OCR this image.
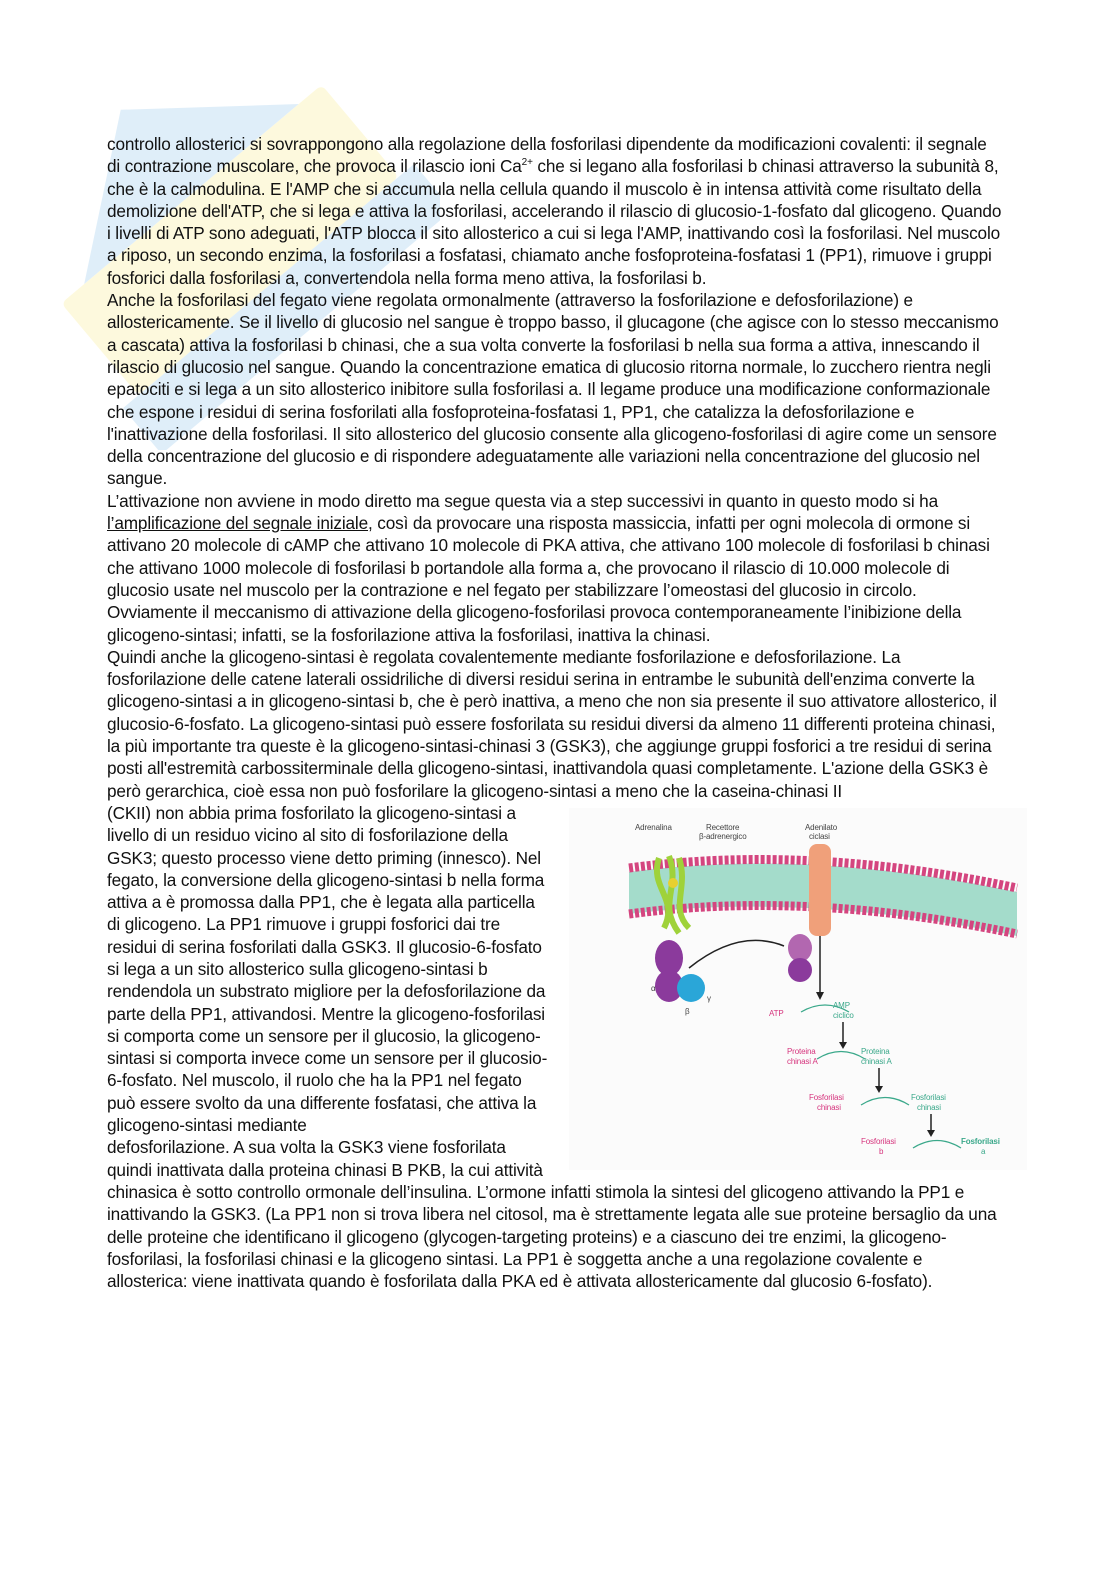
controllo allosterici si sovrappongono alla regolazione della fosforilasi dipendente da modificazioni covalenti: il segnale di contrazione muscolare, che provoca il rilascio ioni $Ca^{2+}$ che si legano alla fosforilasi b chinasi attraverso la subunità 8, che è la calmodulina. E l'AMP che si accumula nella cellula quando il muscolo è in intensa attività come risultato della demolizione dell'ATP, che si lega e attiva la fosforilasi, accelerando il rilascio di glucosio-1-fosfato dal glicogeno. Quando i livelli di ATP sono adeguati, l'ATP blocca il sito allosterico a cui si lega l'AMP, inattivando così la fosforilasi. Nel muscolo a riposo, un secondo enzima, la fosforilasi a fosfatasi, chiamato anche fosfoproteina-fosfatasi 1 (PP1), rimuove i gruppi fosforici dalla fosforilasi a, convertendola nella forma meno attiva, la fosforilasi b.

Anche la fosforilasi del fegato viene regolata ormonalmente (attraverso la fosforilazione e defosforilazione) e allostericamente. Se il livello di glucosio nel sangue è troppo basso, il glucagone (che agisce con lo stesso meccanismo a cascata) attiva la fosforilasi b chinasi, che a sua volta converte la fosforilasi b nella sua forma a attiva, innescando il rilascio di glucosio nel sangue. Quando la concentrazione ematica di glucosio ritorna normale, lo zucchero rientra negli epatociti e si lega a un sito allosterico inibitore sulla fosforilasi a. Il legame produce una modificazione conformazionale che espone i residui di serina fosforilati alla fosfoproteina-fosfatasi 1, PP1, che catalizza la defosforilazione e l'inattivazione della fosforilasi. Il sito allosterico del glucosio consente alla glicogeno-fosforilasi di agire come un sensore della concentrazione del glucosio e di rispondere adeguatamente alle variazioni nella concentrazione del glucosio nel sangue.

L’attivazione non avviene in modo diretto ma segue questa via a step successivi in quanto in questo modo si ha l’amplificazione del segnale iniziale, così da provocare una risposta massiccia, infatti per ogni molecola di ormone si attivano 20 molecole di cAMP che attivano 10 molecole di PKA attiva, che attivano 100 molecole di fosforilasi b chinasi che attivano 1000 molecole di fosforilasi b portandole alla forma a, che provocano il rilascio di 10.000 molecole di glucosio usate nel muscolo per la contrazione e nel fegato per stabilizzare l’omeostasi del glucosio in circolo.

Ovviamente il meccanismo di attivazione della glicogeno-fosforilasi provoca contemporaneamente l’inibizione della glicogeno-sintasi; infatti, se la fosforilazione attiva la fosforilasi, inattiva la chinasi.

Quindi anche la glicogeno-sintasi è regolata covalentemente mediante fosforilazione e defosforilazione. La fosforilazione delle catene laterali ossidriliche di diversi residui serina in entrambe le subunità dell'enzima converte la glicogeno-sintasi a in glicogeno-sintasi b, che è però inattiva, a meno che non sia presente il suo attivatore allosterico, il glucosio-6-fosfato. La glicogeno-sintasi può essere fosforilata su residui diversi da almeno 11 differenti proteina chinasi, la più importante tra queste è la glicogeno-sintasi-chinasi 3 (GSK3), che aggiunge gruppi fosforici a tre residui di serina posti all'estremità carbossiterminale della glicogeno-sintasi, inattivandola quasi completamente. L'azione della GSK3 è però gerarchica, cioè essa non può fosforilare la glicogeno-sintasi a meno che la caseina-chinasi II

Adrenalina	Recettore
β-adrenergico
Adenilato
ciclasi
α
β
γ
ATP
AMP
ciclico
Proteina
chinasi A
Proteina
chinasi A
Fosforilasi
chinasi
Fosforilasi
chinasi
Fosforilasi
b
Fosforilasi
a

(CKII) non abbia prima fosforilato la glicogeno-sintasi a livello di un residuo vicino al sito di fosforilazione della GSK3; questo processo viene detto priming (innesco). Nel fegato, la conversione della glicogeno-sintasi b nella forma attiva a è promossa dalla PP1, che è legata alla particella di glicogeno. La PP1 rimuove i gruppi fosforici dai tre residui di serina fosforilati dalla GSK3. Il glucosio-6-fosfato si lega a un sito allosterico sulla glicogeno-sintasi b rendendola un substrato migliore per la defosforilazione da parte della PP1, attivandosi. Mentre la glicogeno-fosforilasi si comporta come un sensore per il glucosio, la glicogeno-sintasi si comporta invece come un sensore per il glucosio-6-fosfato. Nel muscolo, il ruolo che ha la PP1 nel fegato può essere svolto da una differente fosfatasi, che attiva la glicogeno-sintasi mediante

defosforilazione. A sua volta la GSK3 viene fosforilata quindi inattivata dalla proteina chinasi B PKB, la cui attività chinasica è sotto controllo ormonale dell’insulina. L’ormone infatti stimola la sintesi del glicogeno attivando la PP1 e inattivando la GSK3. (La PP1 non si trova libera nel citosol, ma è strettamente legata alle sue proteine bersaglio da una delle proteine che identificano il glicogeno (glycogen-targeting proteins) e a ciascuno dei tre enzimi, la glicogeno-fosforilasi, la fosforilasi chinasi e la glicogeno sintasi. La PP1 è soggetta anche a una regolazione covalente e allosterica: viene inattivata quando è fosforilata dalla PKA ed è attivata allostericamente dal glucosio 6-fosfato).
